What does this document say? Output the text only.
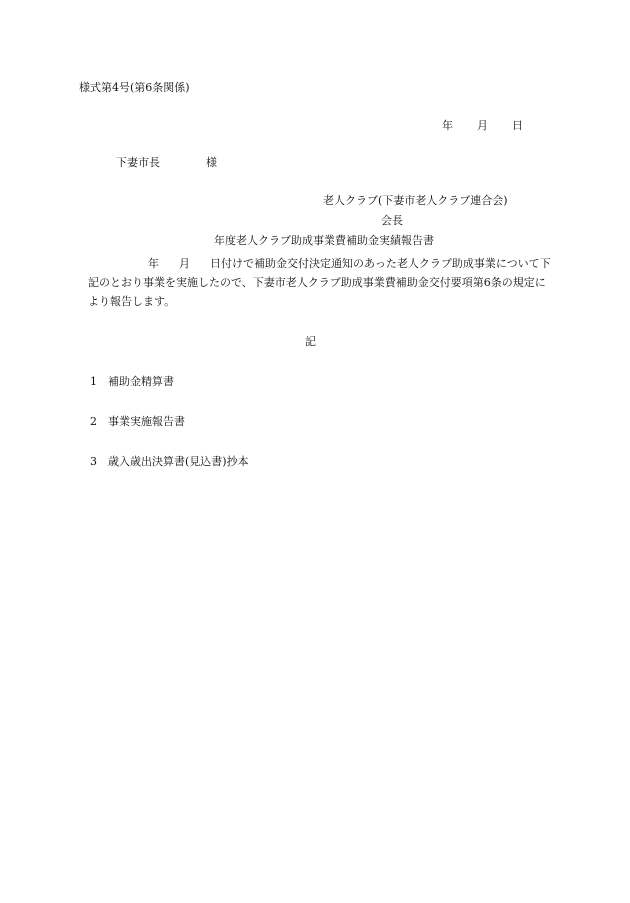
様式第4号(第6条関係)
年 月 日
下妻市長	様
老人クラブ(下妻市老人クラブ連合会)
会長
年度老人クラブ助成事業費補助金実績報告書
年 月 日付けで補助金交付決定通知のあった老人クラブ助成事業について下記のとおり事業を実施したので、下妻市老人クラブ助成事業費補助金交付要項第6条の規定により報告します。
記
1 補助金精算書
2 事業実施報告書
3 歳入歳出決算書(見込書)抄本
